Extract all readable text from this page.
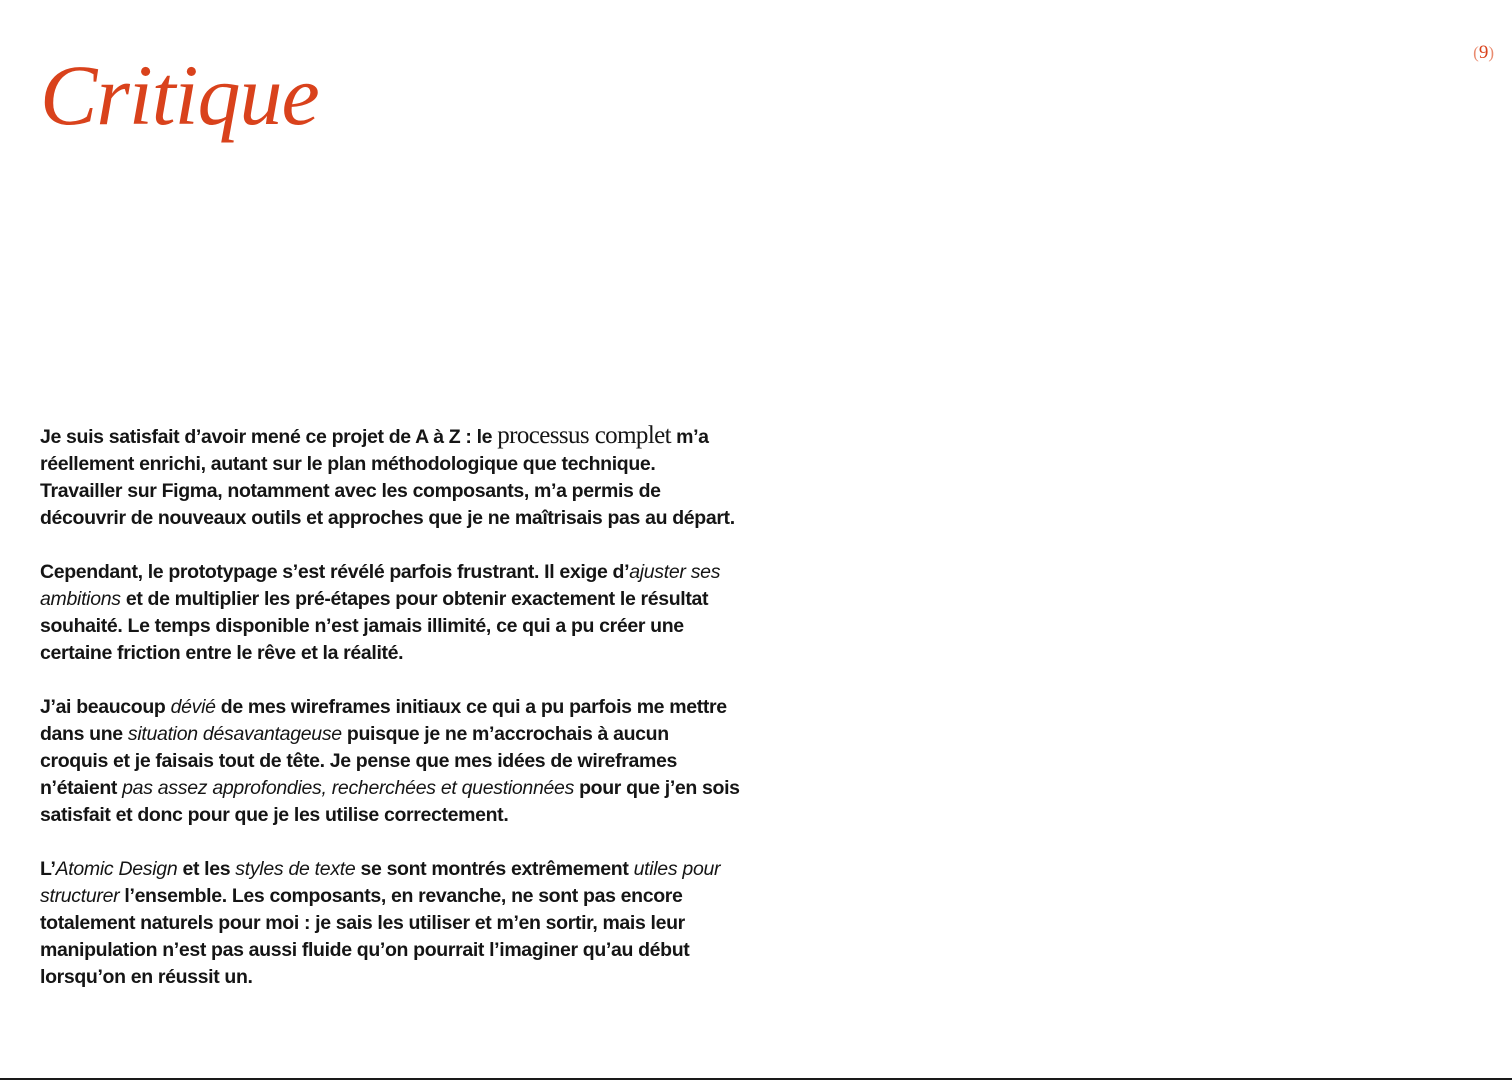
Critique	(9)

Je suis satisfait d’avoir mené ce projet de A à Z : le processus complet m’a réellement enrichi, autant sur le plan méthodologique que technique. Travailler sur Figma, notamment avec les composants, m’a permis de découvrir de nouveaux outils et approches que je ne maîtrisais pas au départ.

Cependant, le prototypage s’est révélé parfois frustrant. Il exige d’ajuster ses ambitions et de multiplier les pré-étapes pour obtenir exactement le résultat souhaité. Le temps disponible n’est jamais illimité, ce qui a pu créer une certaine friction entre le rêve et la réalité.

J’ai beaucoup dévié de mes wireframes initiaux ce qui a pu parfois me mettre dans une situation désavantageuse puisque je ne m’accrochais à aucun croquis et je faisais tout de tête. Je pense que mes idées de wireframes n’étaient pas assez approfondies, recherchées et questionnées pour que j’en sois satisfait et donc pour que je les utilise correctement.

L’Atomic Design et les styles de texte se sont montrés extrêmement utiles pour structurer l’ensemble. Les composants, en revanche, ne sont pas encore totalement naturels pour moi : je sais les utiliser et m’en sortir, mais leur manipulation n’est pas aussi fluide qu’on pourrait l’imaginer qu’au début lorsqu’on en réussit un.
